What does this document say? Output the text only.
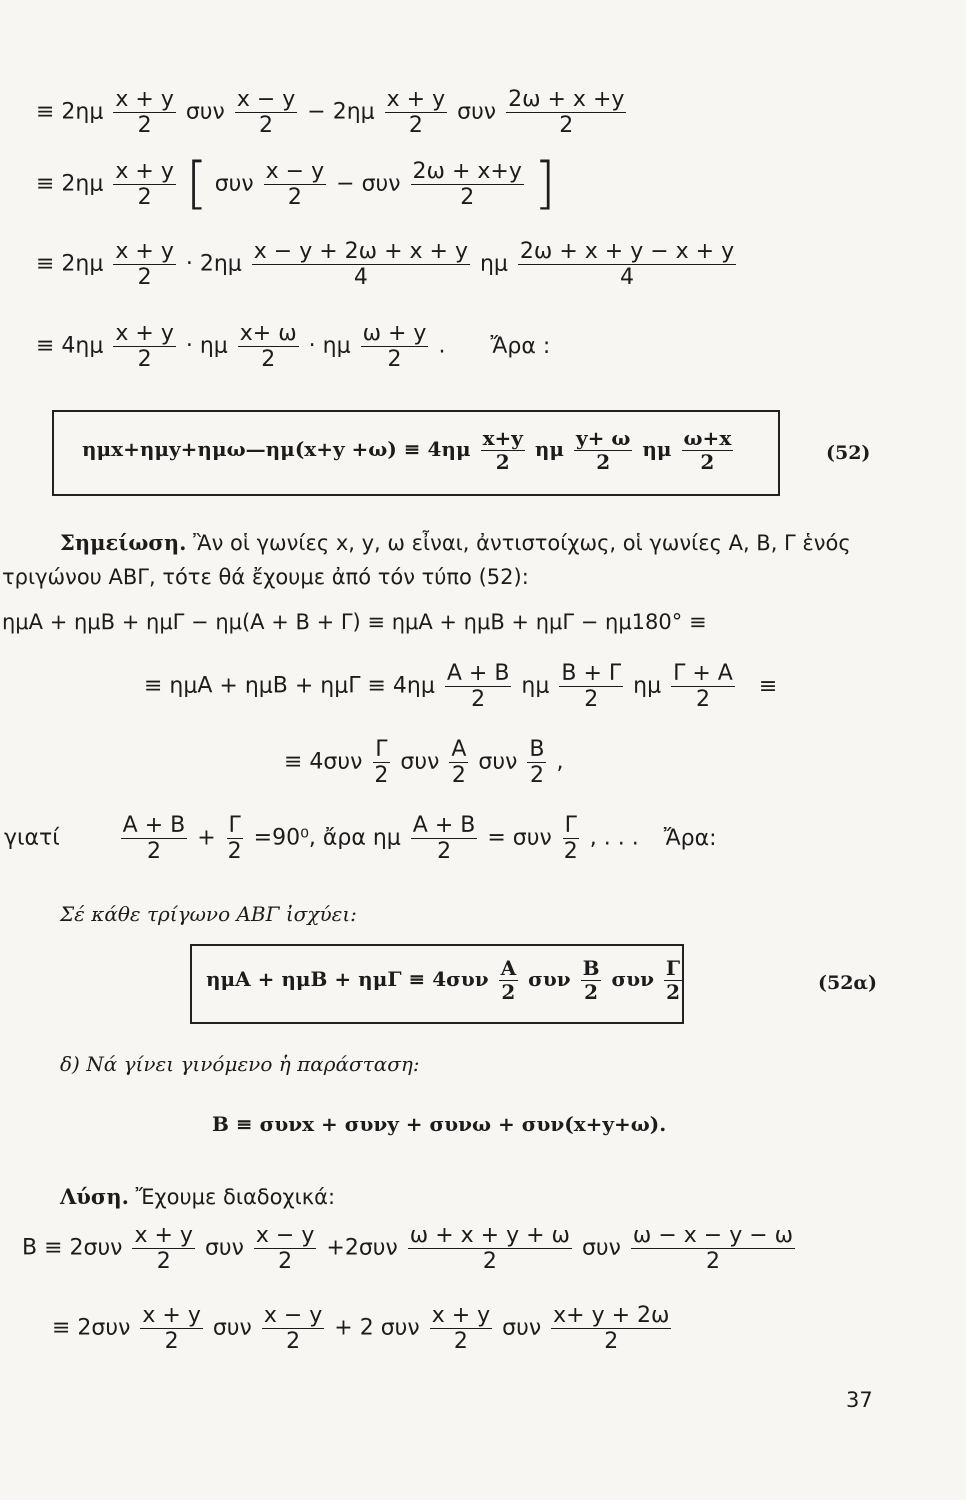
≡ $2\eta\mu \frac{x + y}{2}$ συν $\frac{x - y}{2} - 2\eta\mu \frac{x + y}{2}$ συν $\frac{2\omega + x +y}{2}$
≡ $2\eta\mu \frac{x + y}{2}$ [ συν $\frac{x - y}{2} - \sigma\upsilon\nu \frac{2\omega + x+y}{2}$ ]
≡ $2\eta\mu \frac{x + y}{2} \cdot 2\eta\mu \frac{x - y + 2\omega + x + y}{4}$ ημ $\frac{2\omega + x + y - x + y}{4}$
≡ $4\eta\mu \frac{x + y}{2} \cdot \eta\mu \frac{x+ \omega}{2} \cdot \eta\mu \frac{\omega + y}{2}$ . Ἄρα :
ημx+ημy+ημω—ημ(x+y $+\omega) \equiv 4\eta\mu \frac{x+y}{2}$ ημ $\frac{y+ \omega}{2}$ ημ $\frac{\omega+x}{2}$	(52)
Σημείωση. Ἂν οἱ γωνίες x, y, ω εἶναι, ἀντιστοίχως, οἱ γωνίες Α, Β, Γ ἑνός
τριγώνου ΑΒΓ, τότε θά ἔχουμε ἀπό τόν τύπο (52):
ημΑ + ημΒ + ημΓ − ημ(Α + Β + Γ) ≡ ημΑ + ημΒ + ημΓ − ημ180° ≡
≡ $\eta\mu A + \eta\mu B + \eta\mu\Gamma \equiv 4\eta\mu \frac{A + B}{2}$ ημ $\frac{B + \Gamma}{2}$ ημ $\frac{\Gamma + A}{2}$ ≡
≡ $4\sigma\upsilon\nu \frac{\Gamma}{2}$ συν $\frac{A}{2}$ συν $\frac{B}{2}$ ,
γιατί	$\frac{A + B}{2} + \frac{\Gamma}{2} =90^0$, ἄρα ημ $\frac{A + B}{2} = \sigma\upsilon\nu \frac{\Gamma}{2}$ , . . . Ἄρα:
Σέ κάθε τρίγωνο ΑΒΓ ἰσχύει:
$\eta\mu A + \eta\mu B + \eta\mu\Gamma \equiv 4\sigma\upsilon\nu \frac{A}{2}$ συν $\frac{B}{2}$ συν $\frac{\Gamma}{2}$	(52α)
δ) Νά γίνει γινόμενο ἡ παράσταση:
Β ≡ συνx + συνy + συνω + συν(x+y+ω).
Λύση. Ἔχουμε διαδοχικά:
$B \equiv 2\sigma\upsilon\nu \frac{x + y}{2}$ συν $\frac{x - y}{2} +2\sigma\upsilon\nu \frac{\omega + x + y + \omega}{2}$ συν $\frac{\omega - x - y - \omega}{2}$
≡ $2\sigma\upsilon\nu \frac{x + y}{2}$ συν $\frac{x - y}{2} + 2$ συν $\frac{x + y}{2}$ συν $\frac{x+ y + 2\omega}{2}$
37
